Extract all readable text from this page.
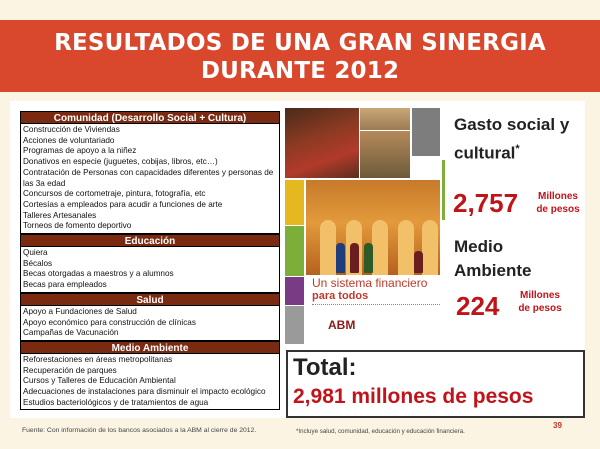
RESULTADOS DE UNA GRAN SINERGIA
DURANTE 2012
Comunidad (Desarrollo Social + Cultura)
Construcción de Viviendas
Acciones de voluntariado
Programas de apoyo a la niñez
Donativos en especie (juguetes, cobijas, libros, etc…)
Contratación de Personas con capacidades diferentes y personas de las 3a edad
Concursos de cortometraje, pintura, fotografía, etc
Cortesías a empleados para acudir a funciones de arte
Talleres Artesanales
Torneos de fomento deportivo
Educación
Quiera
Bécalos
Becas otorgadas a maestros y a alumnos
Becas para empleados
Salud
Apoyo a Fundaciones de Salud
Apoyo económico para construcción de clínicas
Campañas de Vacunación
Medio Ambiente
Reforestaciones en áreas metropolitanas
Recuperación de parques
Cursos y Talleres de Educación Ambiental
Adecuaciones de instalaciones para disminuir el impacto ecológico
Estudios bacteriológicos y de tratamientos de agua
Un sistema financiero
para todos
ABM
Gasto social y
cultural*
2,757	Millones
de pesos
Medio
Ambiente
224	Millones
de pesos
Total:
2,981 millones de pesos
Fuente: Con información de los bancos asociados a la ABM al cierre de 2012.	*Incluye salud, comunidad, educación y educación financiera.
39
